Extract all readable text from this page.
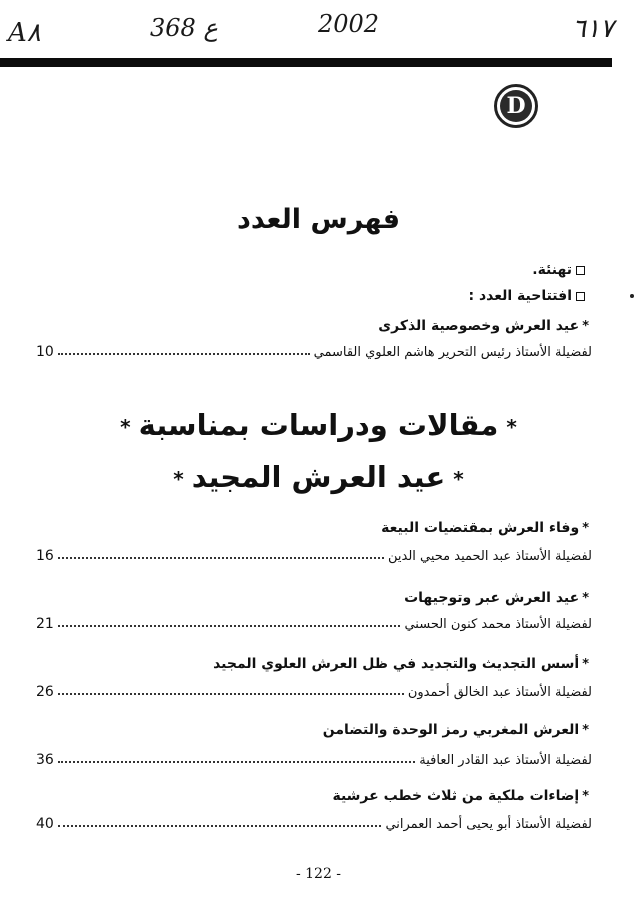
A٨	368 ع	2002	٦١٧
D
فهرس العدد
تهنئة.
افتتاحية العدد :
*عيد العرش وخصوصية الذكرى
لفضيلة الأستاذ رئيس التحرير هاشم العلوي القاسمي
10
*مقالات ودراسات بمناسبة*
*عيد العرش المجيد*
*وفاء العرش بمقتضيات البيعة
لفضيلة الأستاذ عبد الحميد محيي الدين
16
*عيد العرش عبر وتوجيهات
لفضيلة الأستاذ محمد كنون الحسني
21
*أسس التجديث والتجديد في ظل العرش العلوي المجيد
لفضيلة الأستاذ عبد الخالق أحمدون
26
*العرش المغربي رمز الوحدة والتضامن
لفضيلة الأستاذ عبد القادر العافية
36
*إضاءات ملكية من ثلاث خطب عرشية
لفضيلة الأستاذ أبو يحيى أحمد العمراني
40
- 122 -
